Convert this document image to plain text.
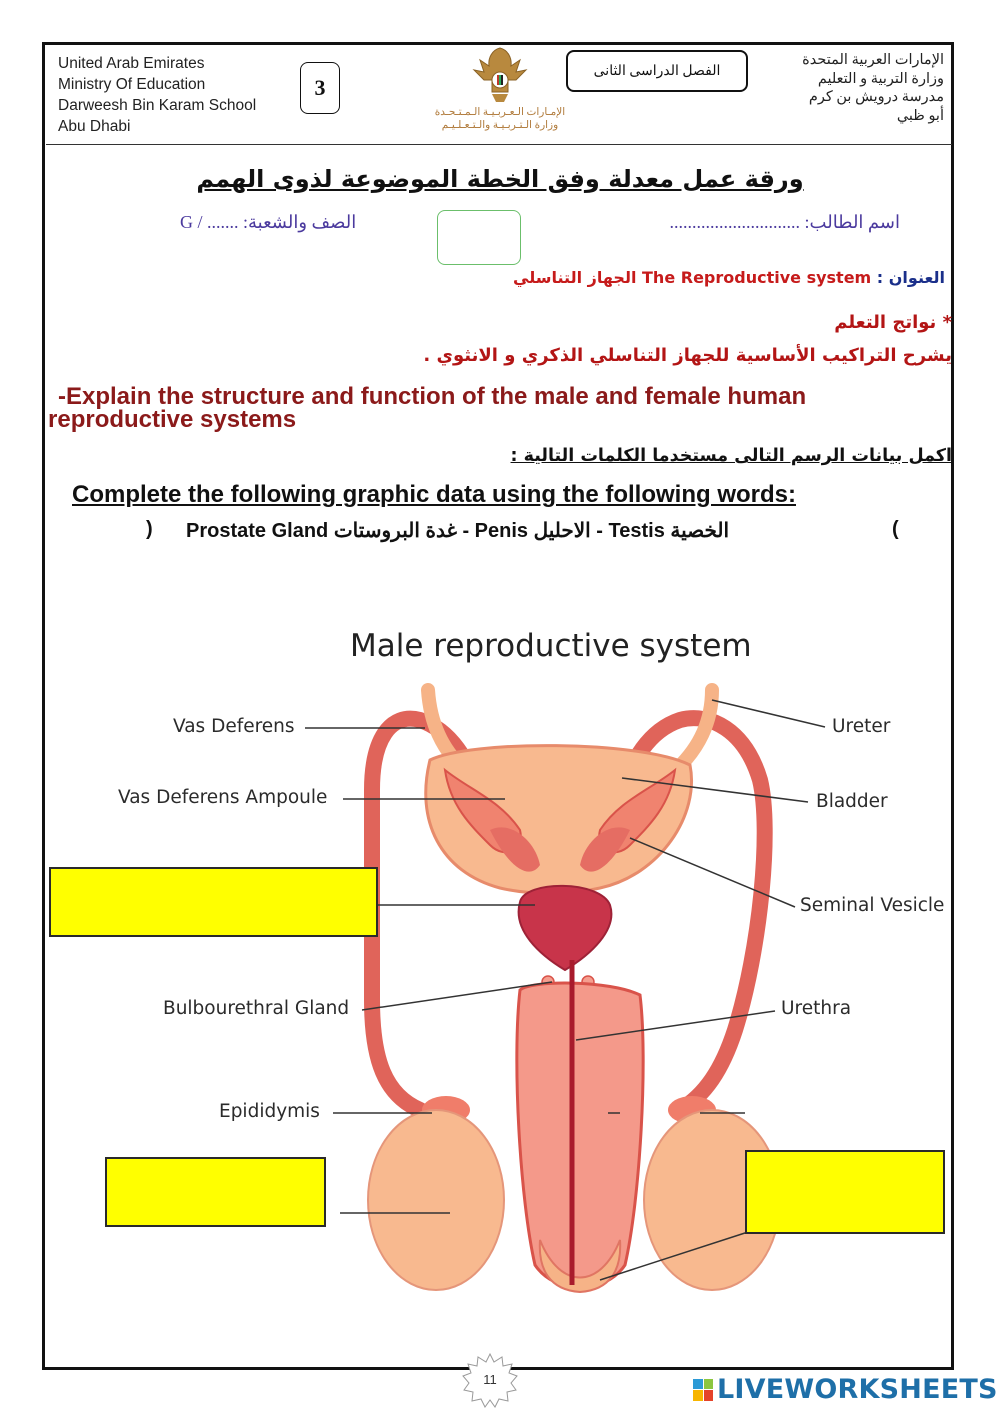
United Arab Emirates
Ministry Of Education
Darweesh Bin Karam School
Abu Dhabi
3
الإمـارات الـعـربـيـة الـمـتـحـدة
وزارة الـتـربـيـة والـتـعـلـيـم
الفصل الدراسى الثانى
الإمارات العربية المتحدة
وزارة التربية و التعليم
مدرسة درويش بن كرم
أبو ظبي
ورقة عمل معدلة وفق الخطة الموضوعة لذوى الهمم
اسم الطالب: .............................
G / ....... :الصف والشعبة
العنوان : The Reproductive system الجهاز التناسلي
* نواتج التعلم
يشرح التراكيب الأساسية للجهاز التناسلي الذكري و الانثوي .
-Explain the structure and function of the male and female human
reproductive systems
اكمل بيانات الرسم التالى مستخدما الكلمات التالية :
Complete the following graphic data using the following words:
) Prostate Gland غدة البروستات - Penis الاحليل - Testis الخصية	(
Male reproductive system
Vas Deferens
Vas Deferens Ampoule
Bulbourethral Gland
Epididymis
Ureter
Bladder
Seminal Vesicle
Urethra
11	LIVEWORKSHEETS
